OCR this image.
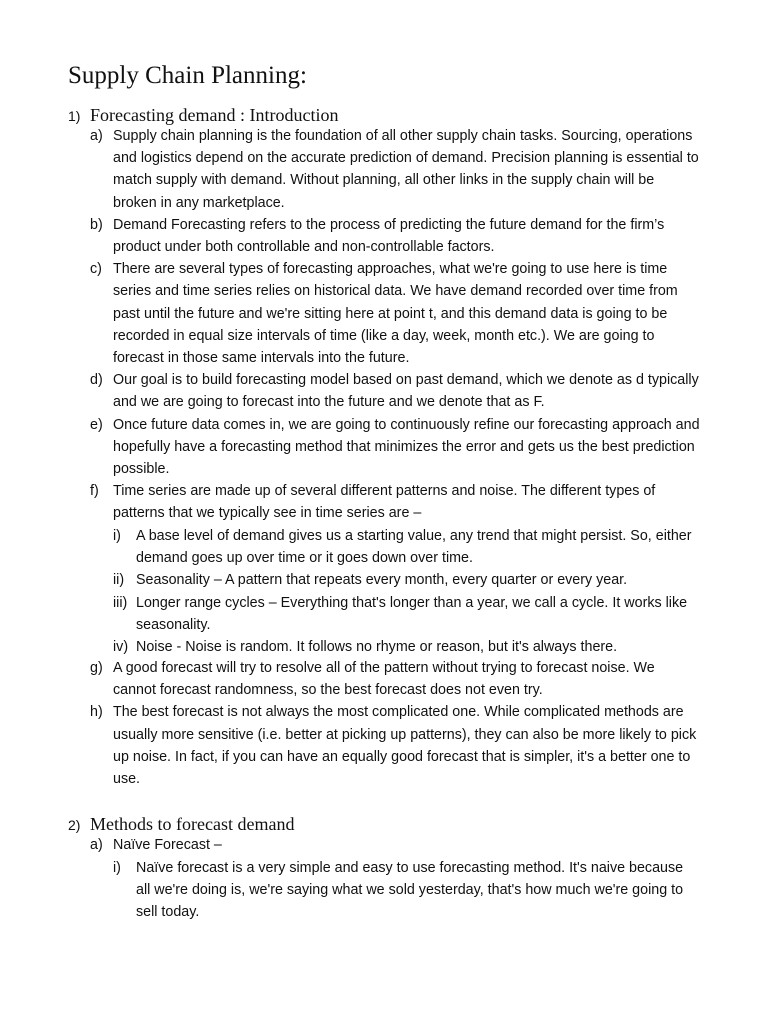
Supply Chain Planning:
1) Forecasting demand : Introduction
a) Supply chain planning is the foundation of all other supply chain tasks. Sourcing, operations and logistics depend on the accurate prediction of demand. Precision planning is essential to match supply with demand. Without planning, all other links in the supply chain will be broken in any marketplace.
b) Demand Forecasting refers to the process of predicting the future demand for the firm’s product under both controllable and non-controllable factors.
c) There are several types of forecasting approaches, what we're going to use here is time series and time series relies on historical data. We have demand recorded over time from past until the future and we're sitting here at point t, and this demand data is going to be recorded in equal size intervals of time (like a day, week, month etc.). We are going to forecast in those same intervals into the future.
d) Our goal is to build forecasting model based on past demand, which we denote as d typically and we are going to forecast into the future and we denote that as F.
e) Once future data comes in, we are going to continuously refine our forecasting approach and hopefully have a forecasting method that minimizes the error and gets us the best prediction possible.
f) Time series are made up of several different patterns and noise. The different types of patterns that we typically see in time series are –
i) A base level of demand gives us a starting value, any trend that might persist. So, either demand goes up over time or it goes down over time.
ii) Seasonality – A pattern that repeats every month, every quarter or every year.
iii) Longer range cycles – Everything that's longer than a year, we call a cycle. It works like seasonality.
iv) Noise - Noise is random. It follows no rhyme or reason, but it's always there.
g) A good forecast will try to resolve all of the pattern without trying to forecast noise. We cannot forecast randomness, so the best forecast does not even try.
h) The best forecast is not always the most complicated one. While complicated methods are usually more sensitive (i.e. better at picking up patterns), they can also be more likely to pick up noise. In fact, if you can have an equally good forecast that is simpler, it's a better one to use.
2) Methods to forecast demand
a) Naïve Forecast –
i) Naïve forecast is a very simple and easy to use forecasting method. It's naive because all we're doing is, we're saying what we sold yesterday, that's how much we're going to sell today.
